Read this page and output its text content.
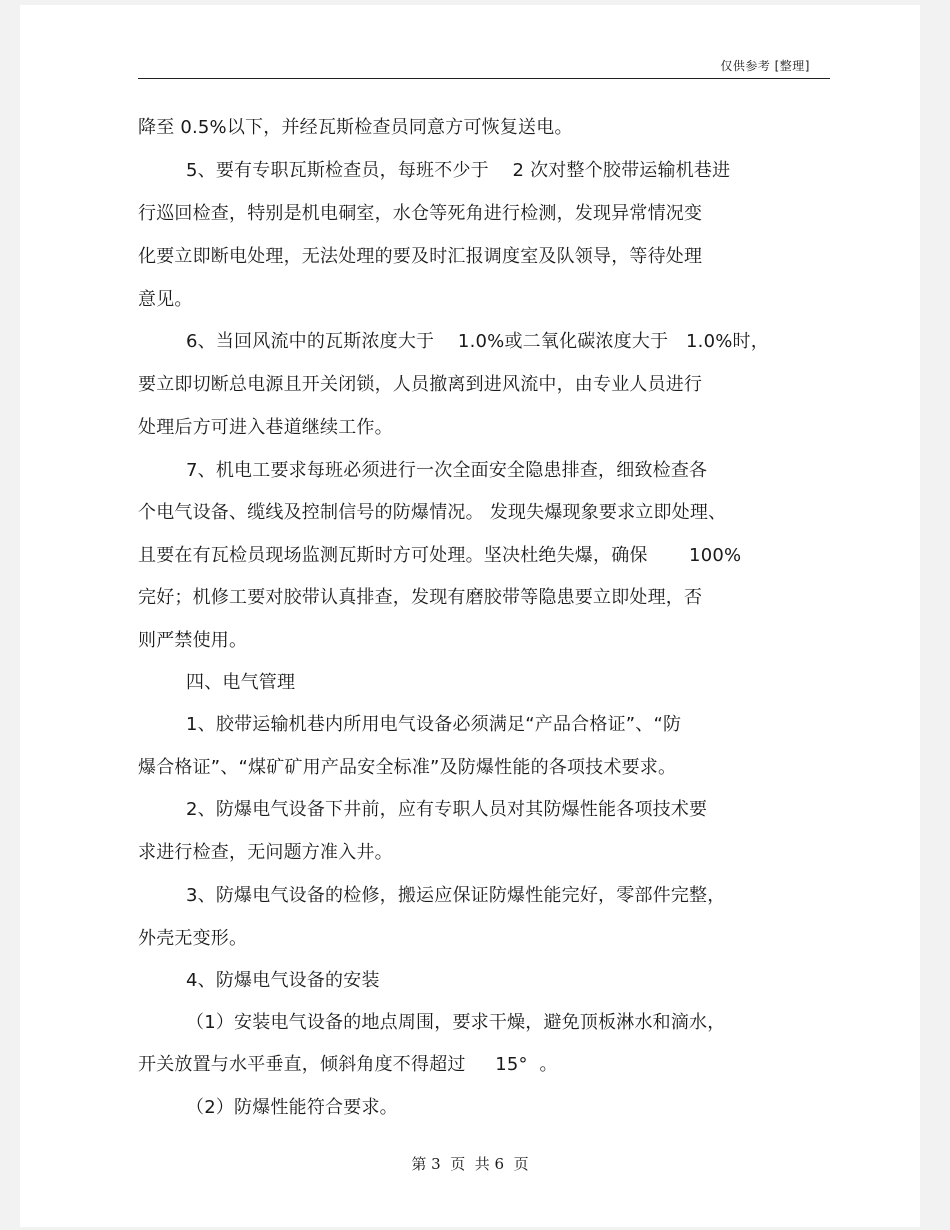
仅供参考 [整理]
降至 0.5%以下，并经瓦斯检查员同意方可恢复送电。
5、要有专职瓦斯检查员，每班不少于    2 次对整个胶带运输机巷进
行巡回检查，特别是机电硐室，水仓等死角进行检测，发现异常情况变
化要立即断电处理，无法处理的要及时汇报调度室及队领导，等待处理
意见。
6、当回风流中的瓦斯浓度大于    1.0%或二氧化碳浓度大于   1.0%时，
要立即切断总电源且开关闭锁，人员撤离到进风流中，由专业人员进行
处理后方可进入巷道继续工作。
7、机电工要求每班必须进行一次全面安全隐患排查，细致检查各
个电气设备、缆线及控制信号的防爆情况。 发现失爆现象要求立即处理、
且要在有瓦检员现场监测瓦斯时方可处理。坚决杜绝失爆，确保       100%
完好；机修工要对胶带认真排查，发现有磨胶带等隐患要立即处理，否
则严禁使用。
四、电气管理
1、胶带运输机巷内所用电气设备必须满足“产品合格证”、“防
爆合格证”、“煤矿矿用产品安全标准”及防爆性能的各项技术要求。
2、防爆电气设备下井前，应有专职人员对其防爆性能各项技术要
求进行检查，无问题方准入井。
3、防爆电气设备的检修，搬运应保证防爆性能完好，零部件完整，
外壳无变形。
4、防爆电气设备的安装
（1）安装电气设备的地点周围，要求干燥，避免顶板淋水和滴水，
开关放置与水平垂直，倾斜角度不得超过     15°  。
（2）防爆性能符合要求。
第 3  页  共 6  页
